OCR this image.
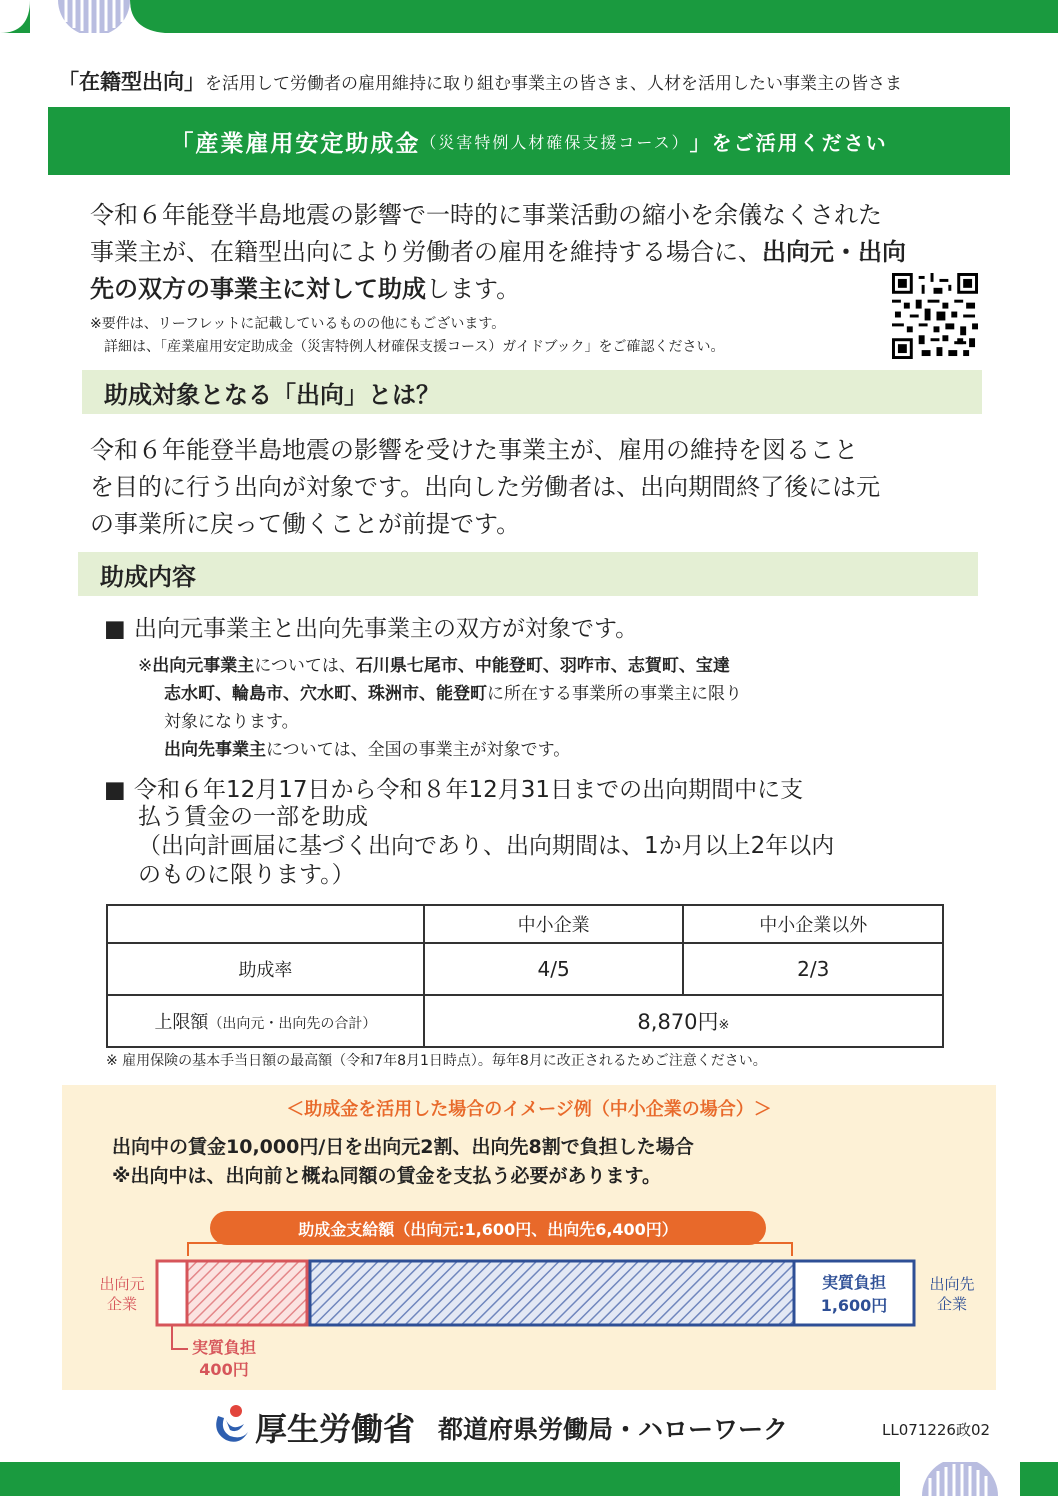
「在籍型出向」を活用して労働者の雇用維持に取り組む事業主の皆さま、人材を活用したい事業主の皆さま
「産業雇用安定助成金 （災害特例人材確保支援コース） 」をご活用ください
令和６年能登半島地震の影響で一時的に事業活動の縮小を余儀なくされた
事業主が、在籍型出向により労働者の雇用を維持する場合に、出向元・出向
先の双方の事業主に対して助成します。
※要件は、リーフレットに記載しているものの他にもございます。
　詳細は、「産業雇用安定助成金（災害特例人材確保支援コース）ガイドブック」をご確認ください。
助成対象となる「出向」とは？
令和６年能登半島地震の影響を受けた事業主が、雇用の維持を図ること
を目的に行う出向が対象です。出向した労働者は、出向期間終了後には元
の事業所に戻って働くことが前提です。
助成内容
■ 出向元事業主と出向先事業主の双方が対象です。
※出向元事業主については、石川県七尾市、中能登町、羽咋市、志賀町、宝達
志水町、輪島市、穴水町、珠洲市、能登町に所在する事業所の事業主に限り
対象になります。
出向先事業主については、全国の事業主が対象です。
■ 令和６年12月17日から令和８年12月31日までの出向期間中に支
払う賃金の一部を助成
（出向計画届に基づく出向であり、出向期間は、1か月以上2年以内
のものに限ります。）
	中小企業	中小企業以外
助成率	4/5	2/3
上限額（出向元・出向先の合計）	8,870円※	
※ 雇用保険の基本手当日額の最高額（令和7年8月1日時点）。毎年8月に改正されるためご注意ください。
＜助成金を活用した場合のイメージ例（中小企業の場合）＞
出向中の賃金10,000円/日を出向元2割、出向先8割で負担した場合
※出向中は、出向前と概ね同額の賃金を支払う必要があります。
助成金支給額（出向元:1,600円、出向先6,400円）
出向元
企業
出向先
企業
実質負担
1,600円
実質負担
400円
厚生労働省 都道府県労働局・ハローワーク	LL071226政02
